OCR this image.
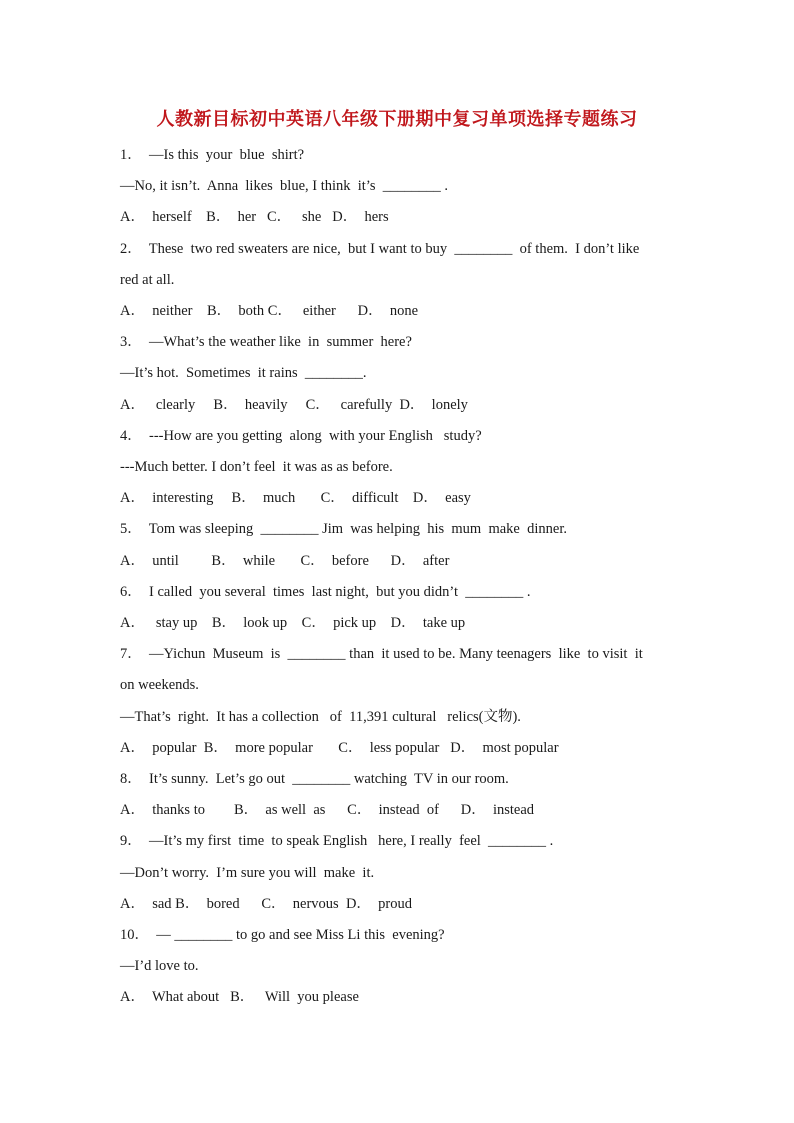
人教新目标初中英语八年级下册期中复习单项选择专题练习
1．  —Is this  your  blue  shirt?
—No, it isn’t.  Anna  likes  blue, I think  it’s  ________ .
A．  herself    B．  her   C．   she   D．  hers
2．  These  two red sweaters are nice,  but I want to buy  ________  of them.  I don’t like
red at all.
A．  neither    B．  both C．   either      D．  none
3．  —What’s the weather like  in  summer  here?
—It’s hot.  Sometimes  it rains  ________.
A．   clearly     B．  heavily     C．   carefully  D．  lonely
4．  ---How are you getting  along  with your English   study?
---Much better. I don’t feel  it was as as before.
A．  interesting     B．  much       C．  difficult    D．  easy
5．  Tom was sleeping  ________ Jim  was helping  his  mum  make  dinner.
A．  until         B．  while       C．  before      D．  after
6．  I called  you several  times  last night,  but you didn’t  ________ .
A．   stay up    B．  look up    C．  pick up    D．  take up
7．  —Yichun  Museum  is  ________ than  it used to be. Many teenagers  like  to visit  it
on weekends.
—That’s  right.  It has a collection   of  11,391 cultural   relics(文物).
A．  popular  B．  more popular       C．  less popular   D．  most popular
8．  It’s sunny.  Let’s go out  ________ watching  TV in our room.
A．  thanks to        B．  as well  as      C．  instead  of      D．  instead
9．  —It’s my first  time  to speak English   here, I really  feel  ________ .
—Don’t worry.  I’m sure you will  make  it.
A．  sad B．  bored      C．  nervous  D．  proud
10．  — ________ to go and see Miss Li this  evening?
—I’d love to.
A．  What about   B．   Will  you please
